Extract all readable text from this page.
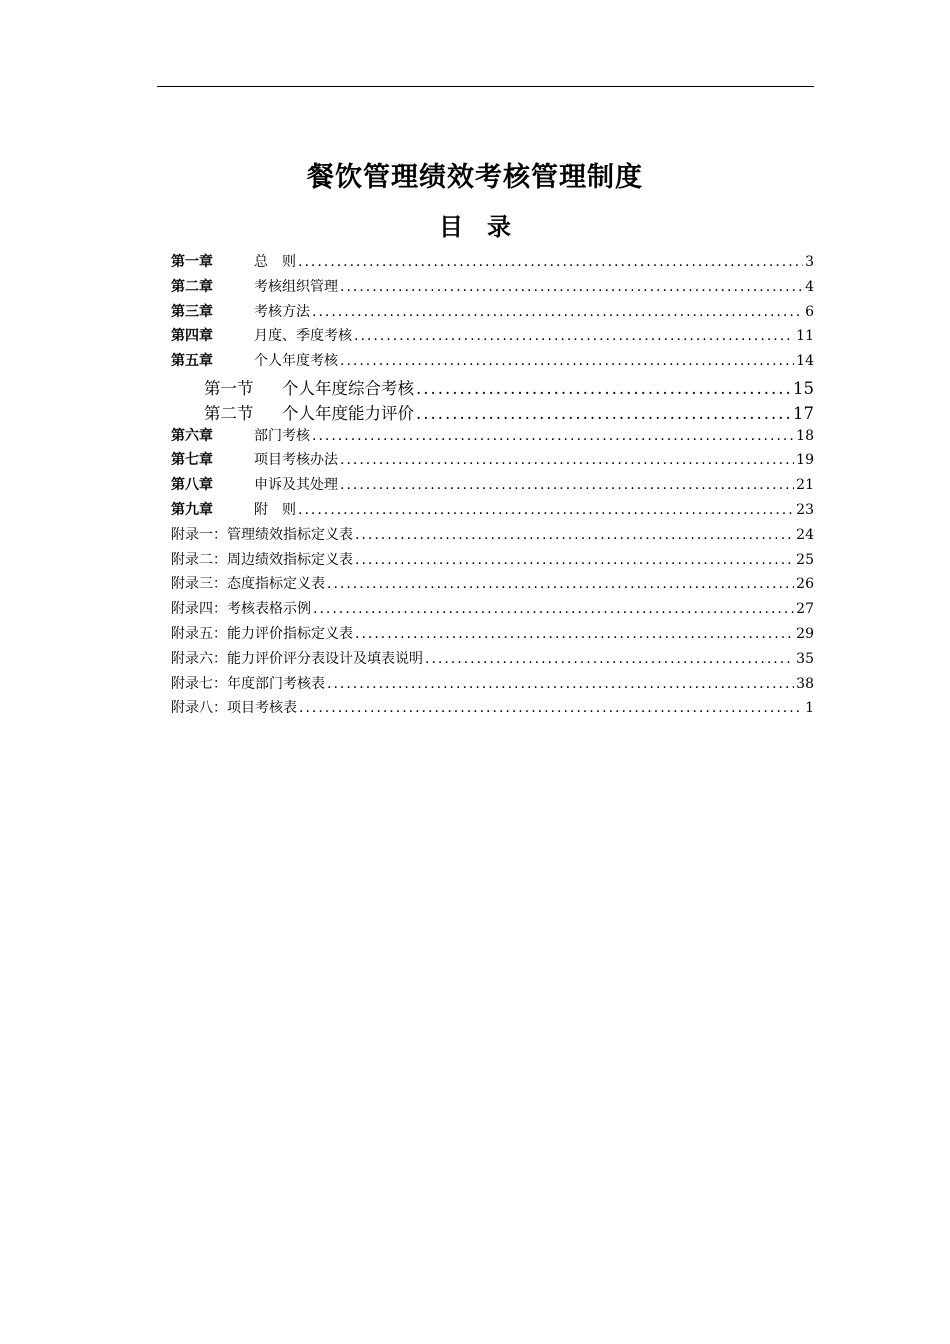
餐饮管理绩效考核管理制度
目　录
第一章	总　则 .....	3
第二章	考核组织管理 .....	4
第三章	考核方法 .....	6
第四章	月度、季度考核 .....	11
第五章	个人年度考核 .....	14
第一节	个人年度综合考核 .....	15
第二节	个人年度能力评价 .....	17
第六章	部门考核 .....	18
第七章	项目考核办法 .....	19
第八章	申诉及其处理 .....	21
第九章	附　则 .....	23
附录一：管理绩效指标定义表 .....	24
附录二：周边绩效指标定义表 .....	25
附录三：态度指标定义表 .....	26
附录四：考核表格示例 .....	27
附录五：能力评价指标定义表 .....	29
附录六：能力评价评分表设计及填表说明 .....	35
附录七：年度部门考核表 .....	38
附录八：项目考核表 .....	1
